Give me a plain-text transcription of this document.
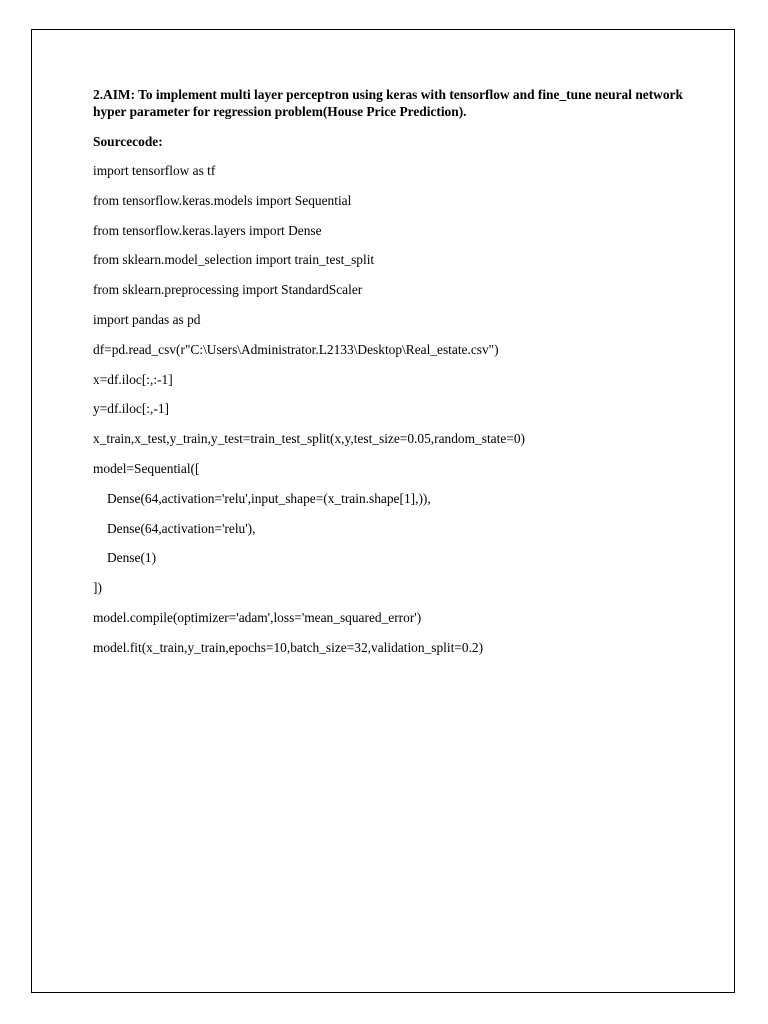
2.AIM: To implement multi layer perceptron using keras with tensorflow and fine_tune neural network hyper parameter for regression problem(House Price Prediction).

Sourcecode:

import tensorflow as tf
from tensorflow.keras.models import Sequential
from tensorflow.keras.layers import Dense
from sklearn.model_selection import train_test_split
from sklearn.preprocessing import StandardScaler
import pandas as pd
df=pd.read_csv(r"C:\Users\Administrator.L2133\Desktop\Real_estate.csv")
x=df.iloc[:,:-1]
y=df.iloc[:,-1]
x_train,x_test,y_train,y_test=train_test_split(x,y,test_size=0.05,random_state=0)
model=Sequential([
Dense(64,activation='relu',input_shape=(x_train.shape[1],)),
Dense(64,activation='relu'),
Dense(1)
])
model.compile(optimizer='adam',loss='mean_squared_error')
model.fit(x_train,y_train,epochs=10,batch_size=32,validation_split=0.2)
